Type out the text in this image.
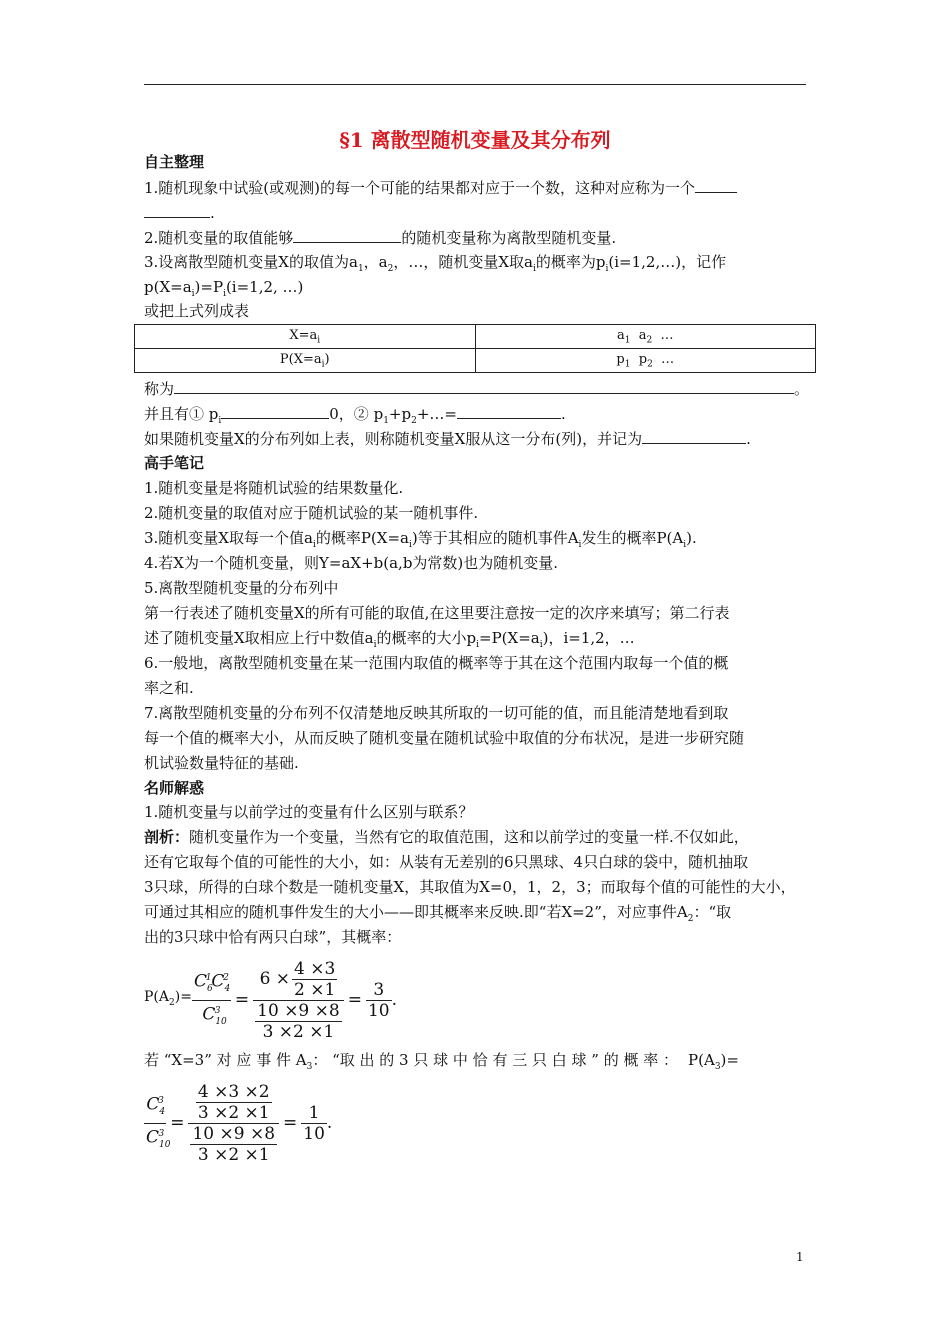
§1 离散型随机变量及其分布列
自主整理
1.随机现象中试验(或观测)的每一个可能的结果都对应于一个数，这种对应称为一个
.
2.随机变量的取值能够	的随机变量称为离散型随机变量.
3.设离散型随机变量X的取值为$a_1$，$a_2$，…，随机变量X取$a_i$的概率为$p_i(i=1,2,\dots)$，记作
$p(X=a_i)=P_i(i=1,2$, …)
或把上式列成表
$X=a_i$	$a_1$  $a_2$  …
$P(X=a_i)$	$p_1$  $p_2$  …
称为	。
并且有① $p_i$	0，② $p_1+p_2+\dots=$	.
如果随机变量X的分布列如上表，则称随机变量X服从这一分布(列)，并记为	.
高手笔记
1.随机变量是将随机试验的结果数量化.
2.随机变量的取值对应于随机试验的某一随机事件.
3.随机变量X取每一个值$a_i$的概率$P(X=a_i)$等于其相应的随机事件$A_i$发生的概率$P(A_i)$.
4.若X为一个随机变量，则Y=aX+b(a,b为常数)也为随机变量.
5.离散型随机变量的分布列中
第一行表述了随机变量X的所有可能的取值,在这里要注意按一定的次序来填写；第二行表
述了随机变量X取相应上行中数值$a_i$的概率的大小$p_i=P(X=a_i)$，i=1,2，…
6.一般地，离散型随机变量在某一范围内取值的概率等于其在这个范围内取每一个值的概
率之和.
7.离散型随机变量的分布列不仅清楚地反映其所取的一切可能的值，而且能清楚地看到取
每一个值的概率大小，从而反映了随机变量在随机试验中取值的分布状况，是进一步研究随
机试验数量特征的基础.
名师解惑
1.随机变量与以前学过的变量有什么区别与联系？
剖析：随机变量作为一个变量，当然有它的取值范围，这和以前学过的变量一样.不仅如此，
还有它取每个值的可能性的大小，如：从装有无差别的6只黑球、4只白球的袋中，随机抽取
3只球，所得的白球个数是一随机变量X，其取值为X=0，1，2，3；而取每个值的可能性的大小，
可通过其相应的随机事件发生的大小——即其概率来反映.即“若X=2”，对应事件$A_2$：“取
出的3只球中恰有两只白球”，其概率：
$P(A_2)= \frac{C_6^1C_4^2}{C_{10}^3} = \frac{6 \times \frac{4 \times 3}{2 \times 1}}{\frac{10 \times 9 \times 8}{3 \times 2 \times 1}} = \frac{3}{10}$ .
若 “X=3” 对 应 事 件 $A_3$： “取 出 的 3 只 球 中 恰 有 三 只 白 球 ” 的 概 率 ： $P(A_3)=$
$\frac{C_4^3}{C_{10}^3} = \frac{\frac{4 \times 3 \times 2}{3 \times 2 \times 1}}{\frac{10 \times 9 \times 8}{3 \times 2 \times 1}} = \frac{1}{10}$ .
1
